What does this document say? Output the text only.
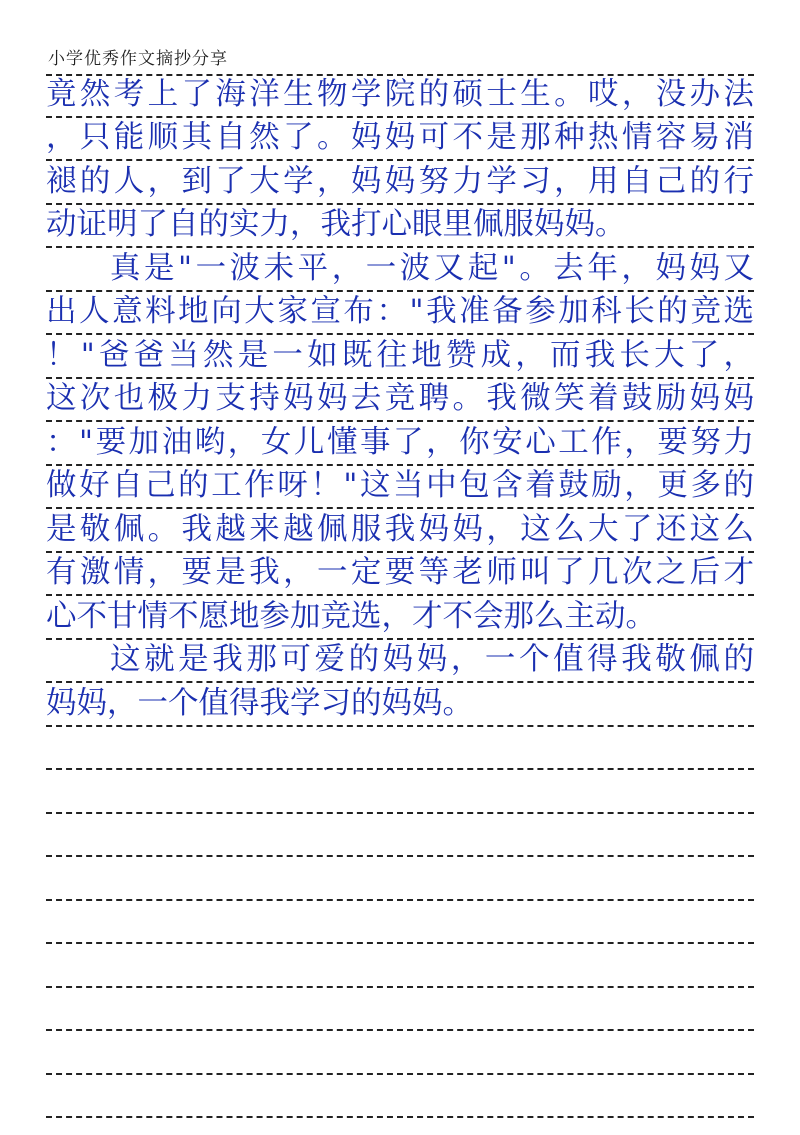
小学优秀作文摘抄分享
竟然考上了海洋生物学院的硕士生。哎，没办法
，只能顺其自然了。妈妈可不是那种热情容易消
褪的人，到了大学，妈妈努力学习，用自己的行
动证明了自的实力，我打心眼里佩服妈妈。
真是"一波未平，一波又起"。去年，妈妈又
出人意料地向大家宣布："我准备参加科长的竞选
！"爸爸当然是一如既往地赞成，而我长大了，
这次也极力支持妈妈去竞聘。我微笑着鼓励妈妈
："要加油哟，女儿懂事了，你安心工作，要努力
做好自己的工作呀！"这当中包含着鼓励，更多的
是敬佩。我越来越佩服我妈妈，这么大了还这么
有激情，要是我，一定要等老师叫了几次之后才
心不甘情不愿地参加竞选，才不会那么主动。
这就是我那可爱的妈妈，一个值得我敬佩的
妈妈，一个值得我学习的妈妈。
